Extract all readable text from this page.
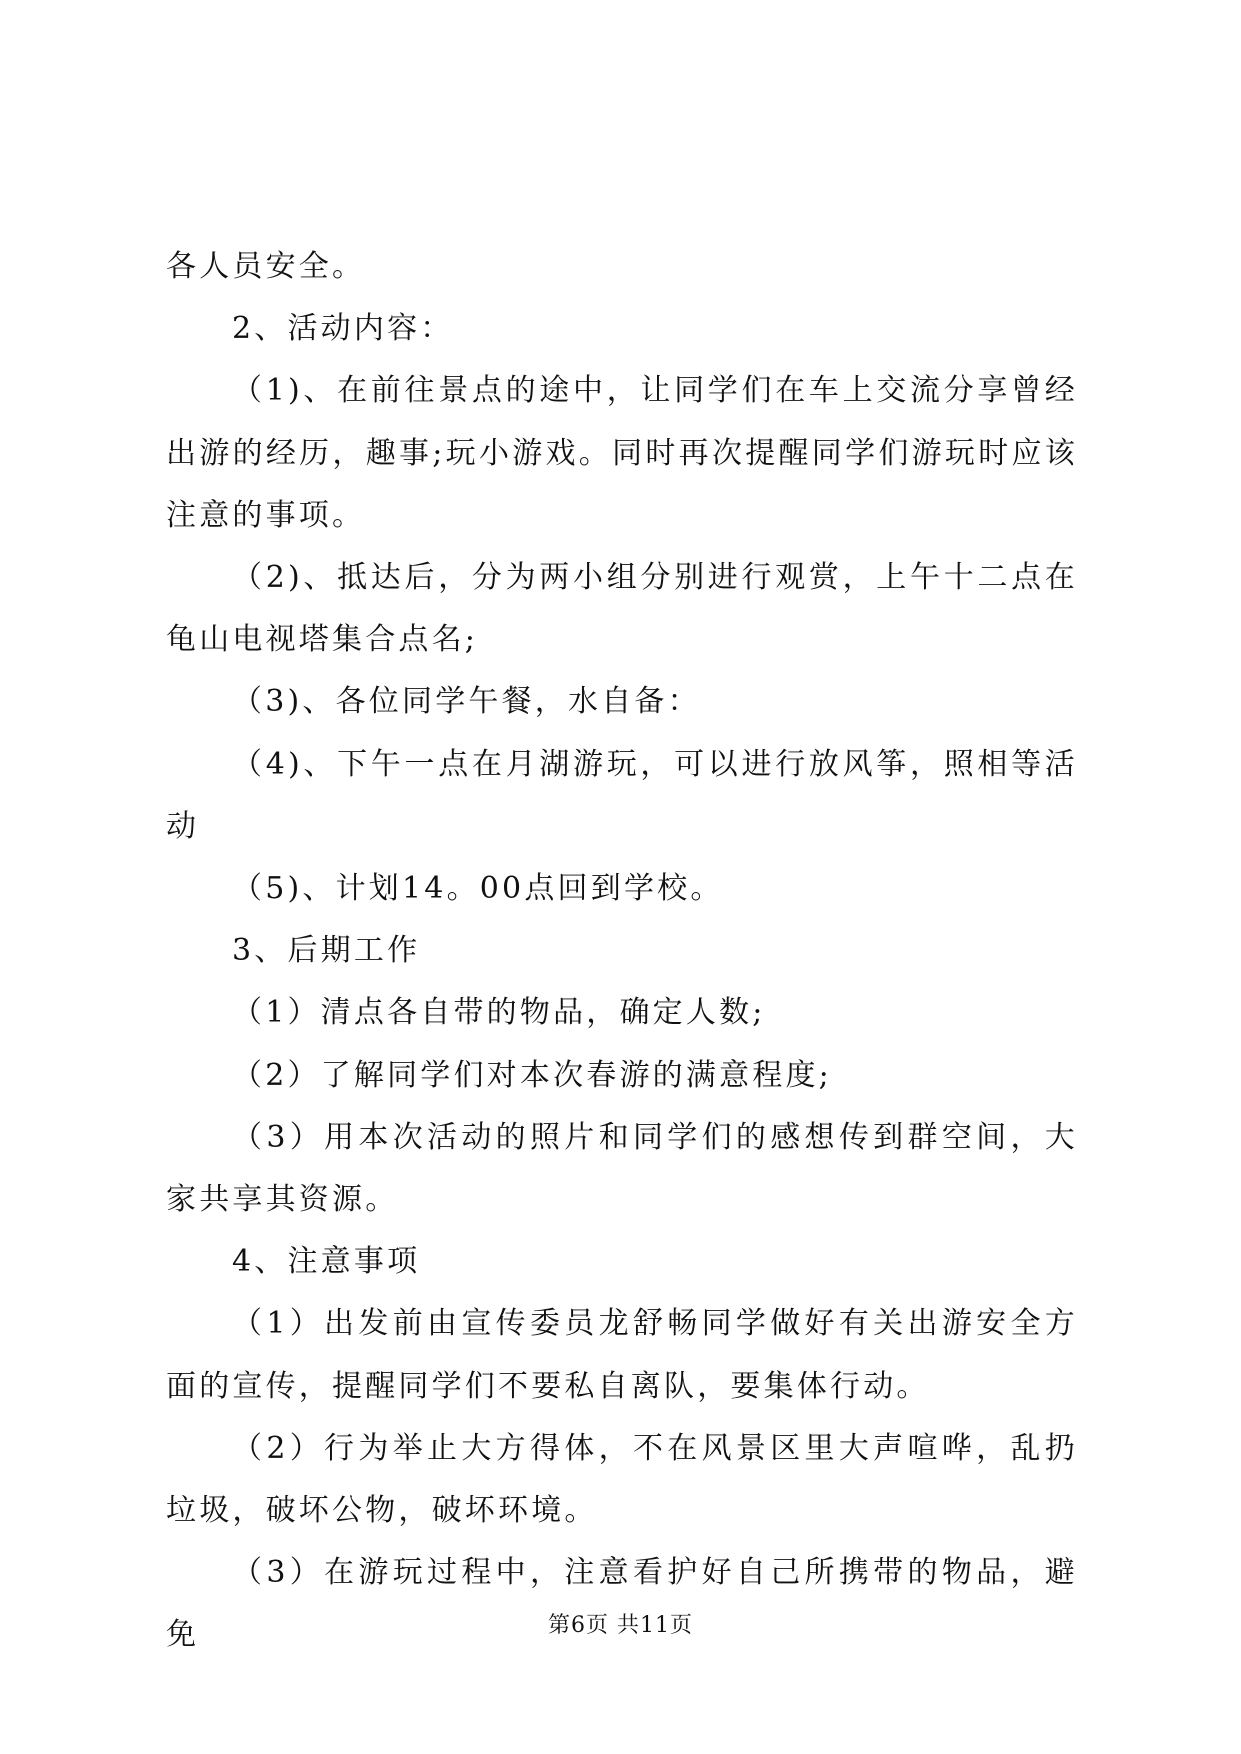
各人员安全。

2、活动内容：

（1)、在前往景点的途中，让同学们在车上交流分享曾经出游的经历，趣事;玩小游戏。同时再次提醒同学们游玩时应该注意的事项。

（2)、抵达后，分为两小组分别进行观赏，上午十二点在龟山电视塔集合点名;

（3)、各位同学午餐，水自备：

（4)、下午一点在月湖游玩，可以进行放风筝，照相等活动

（5)、计划14。00点回到学校。

3、后期工作

（1）清点各自带的物品，确定人数;

（2）了解同学们对本次春游的满意程度;

（3）用本次活动的照片和同学们的感想传到群空间，大家共享其资源。

4、注意事项

（1）出发前由宣传委员龙舒畅同学做好有关出游安全方面的宣传，提醒同学们不要私自离队，要集体行动。

（2）行为举止大方得体，不在风景区里大声喧哗，乱扔垃圾，破坏公物，破坏环境。

（3）在游玩过程中，注意看护好自己所携带的物品，避免	第6页 共11页
